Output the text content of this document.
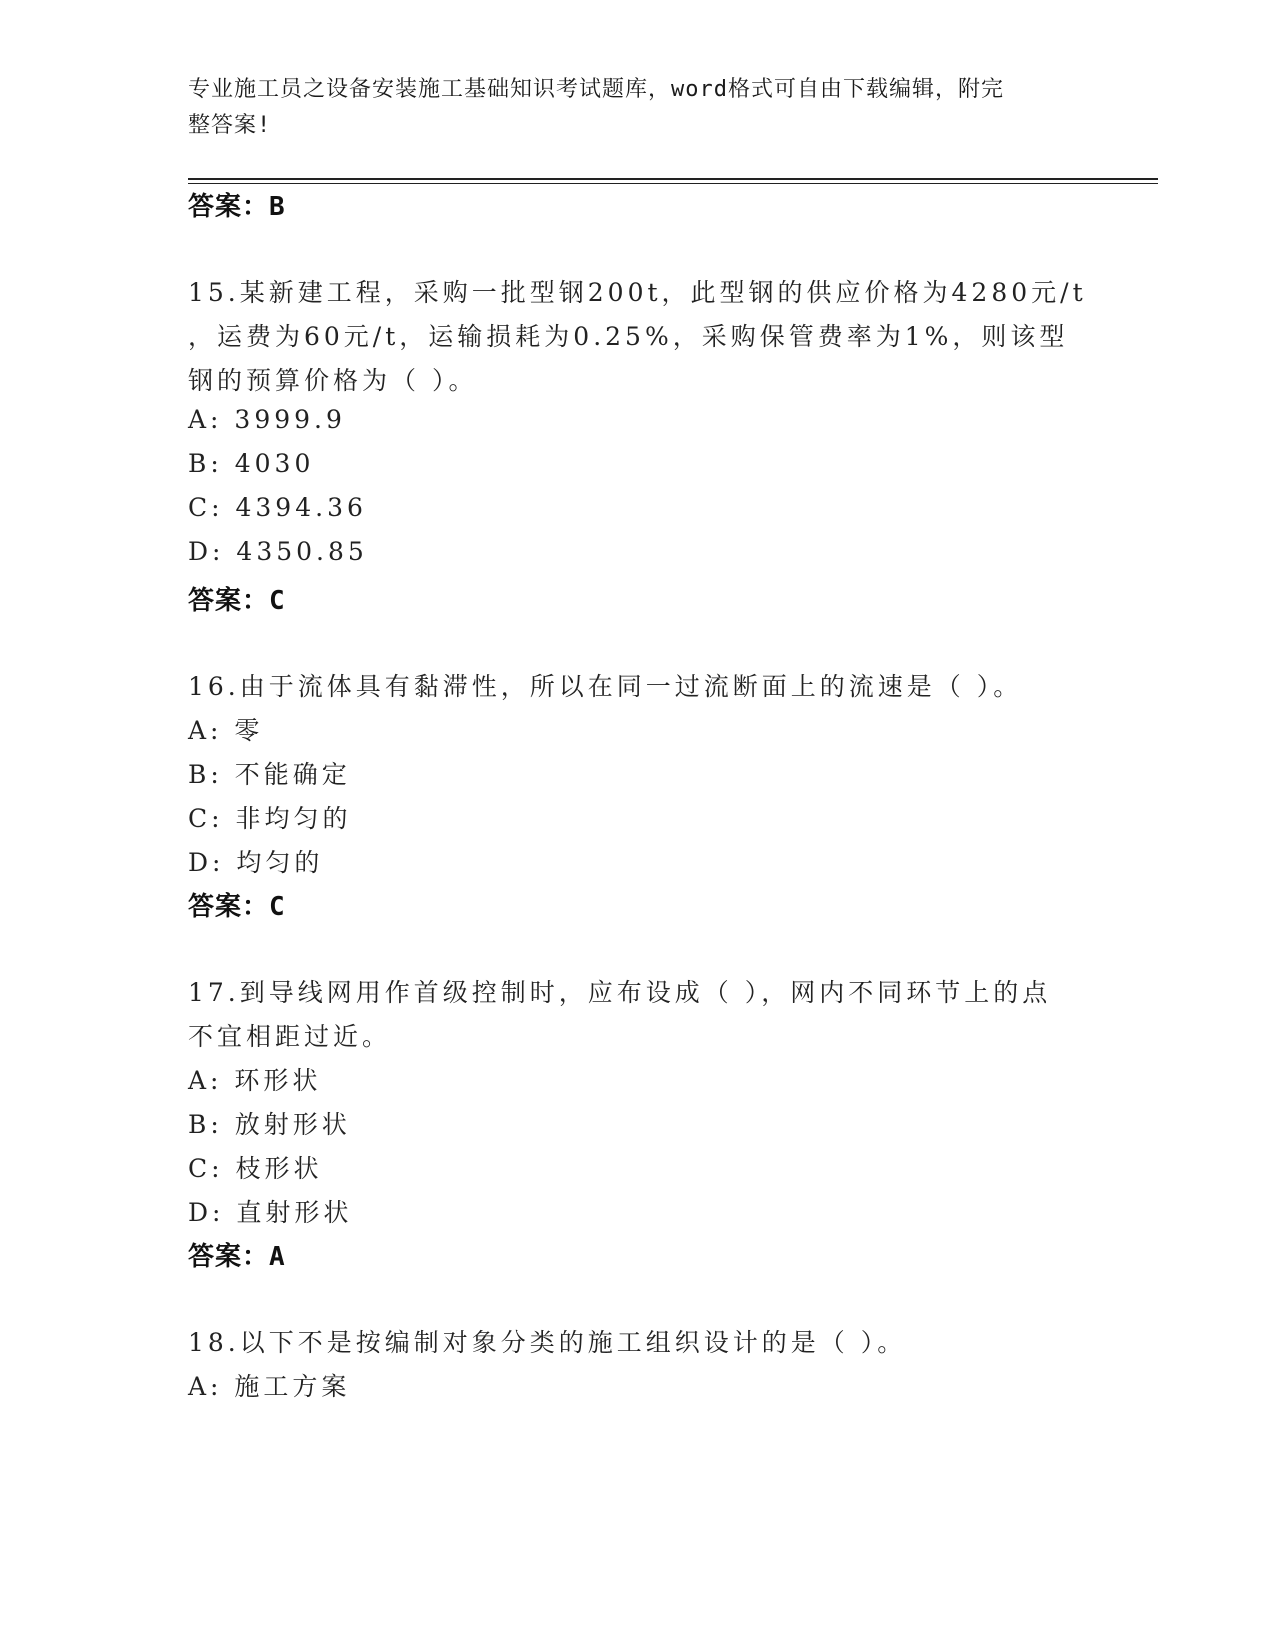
专业施工员之设备安装施工基础知识考试题库，word格式可自由下载编辑，附完
整答案!
答案：B
15.某新建工程，采购一批型钢200t，此型钢的供应价格为4280元/t
，运费为60元/t，运输损耗为0.25%，采购保管费率为1%，则该型
钢的预算价格为（ ）。
A: 3999.9
B: 4030
C: 4394.36
D: 4350.85
答案：C
16.由于流体具有黏滞性，所以在同一过流断面上的流速是（ ）。
A: 零
B: 不能确定
C: 非均匀的
D: 均匀的
答案：C
17.到导线网用作首级控制时，应布设成（ ），网内不同环节上的点
不宜相距过近。
A: 环形状
B: 放射形状
C: 枝形状
D: 直射形状
答案：A
18.以下不是按编制对象分类的施工组织设计的是（ ）。
A: 施工方案
